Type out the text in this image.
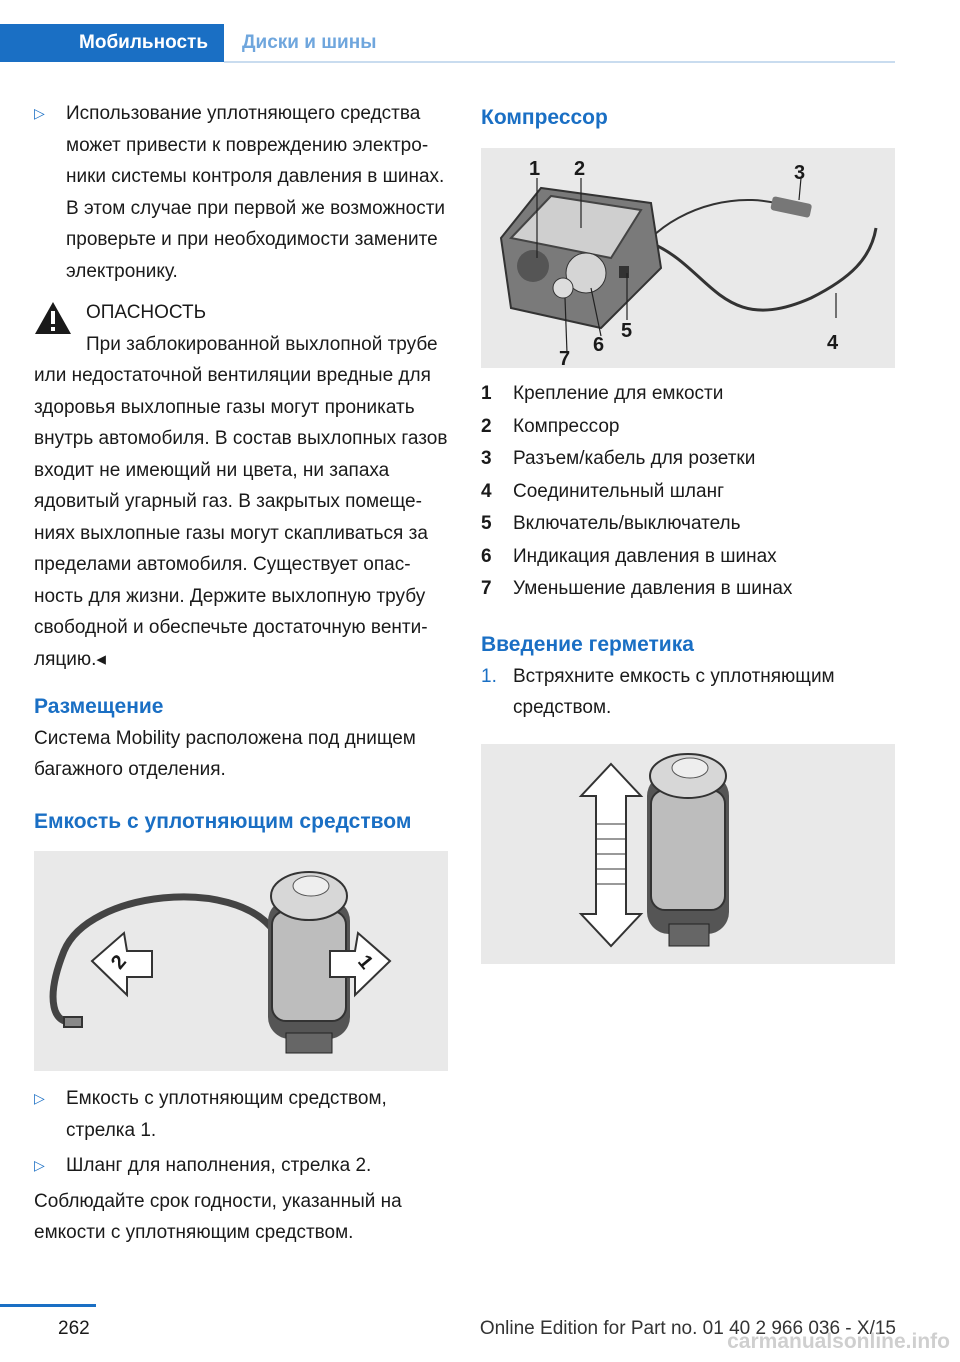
Мобильность	Диски и шины
▷	Использование уплотняющего средства может привести к повреждению электроники системы контроля давления в шинах. В этом случае при первой же возможности проверьте и при необходимости замените электронику.
ОПАСНОСТЬ
При заблокированной выхлопной трубе или недостаточной вентиляции вредные для здоровья выхлопные газы могут проникать внутрь автомобиля. В состав выхлопных газов входит не имеющий ни цвета, ни запаха ядовитый угарный газ. В закрытых помещениях выхлопные газы могут скапливаться за пределами автомобиля. Существует опасность для жизни. Держите выхлопную трубу свободной и обеспечьте достаточную вентиляцию.◂
Размещение
Система Mobility расположена под днищем багажного отделения.
Емкость с уплотняющим средством
2	1
▷	Емкость с уплотняющим средством, стрелка 1.
▷	Шланг для наполнения, стрелка 2.
Соблюдайте срок годности, указанный на емкости с уплотняющим средством.
Компрессор
1 2	3
4
5
6
7
1	Крепление для емкости
2	Компрессор
3	Разъем/кабель для розетки
4	Соединительный шланг
5	Включатель/выключатель
6	Индикация давления в шинах
7	Уменьшение давления в шинах
Введение герметика
1. Встряхните емкость с уплотняющим средством.
262	Online Edition for Part no. 01 40 2 966 036 - X/15
carmanualsonline.info
